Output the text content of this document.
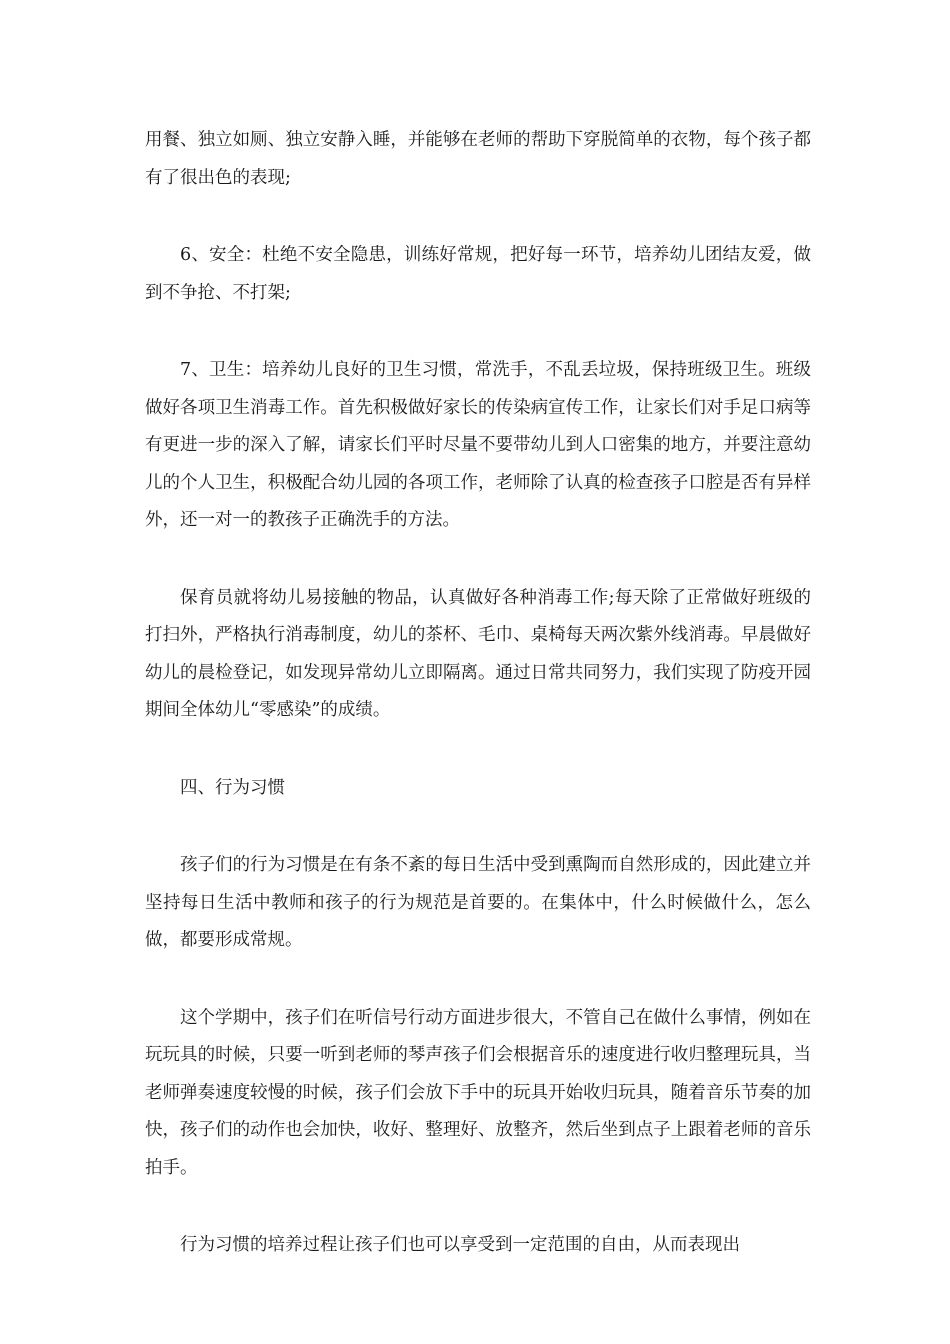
用餐、独立如厕、独立安静入睡，并能够在老师的帮助下穿脱简单的衣物，每个孩子都有了很出色的表现;

6、安全：杜绝不安全隐患，训练好常规，把好每一环节，培养幼儿团结友爱，做到不争抢、不打架;

7、卫生：培养幼儿良好的卫生习惯，常洗手，不乱丢垃圾，保持班级卫生。班级做好各项卫生消毒工作。首先积极做好家长的传染病宣传工作，让家长们对手足口病等有更进一步的深入了解，请家长们平时尽量不要带幼儿到人口密集的地方，并要注意幼儿的个人卫生，积极配合幼儿园的各项工作，老师除了认真的检查孩子口腔是否有异样外，还一对一的教孩子正确洗手的方法。

保育员就将幼儿易接触的物品，认真做好各种消毒工作;每天除了正常做好班级的打扫外，严格执行消毒制度，幼儿的茶杯、毛巾、桌椅每天两次紫外线消毒。早晨做好幼儿的晨检登记，如发现异常幼儿立即隔离。通过日常共同努力，我们实现了防疫开园期间全体幼儿“零感染”的成绩。

四、行为习惯

孩子们的行为习惯是在有条不紊的每日生活中受到熏陶而自然形成的，因此建立并坚持每日生活中教师和孩子的行为规范是首要的。在集体中，什么时候做什么，怎么做，都要形成常规。

这个学期中，孩子们在听信号行动方面进步很大，不管自己在做什么事情，例如在玩玩具的时候，只要一听到老师的琴声孩子们会根据音乐的速度进行收归整理玩具，当老师弹奏速度较慢的时候，孩子们会放下手中的玩具开始收归玩具，随着音乐节奏的加快，孩子们的动作也会加快，收好、整理好、放整齐，然后坐到点子上跟着老师的音乐拍手。

行为习惯的培养过程让孩子们也可以享受到一定范围的自由，从而表现出
